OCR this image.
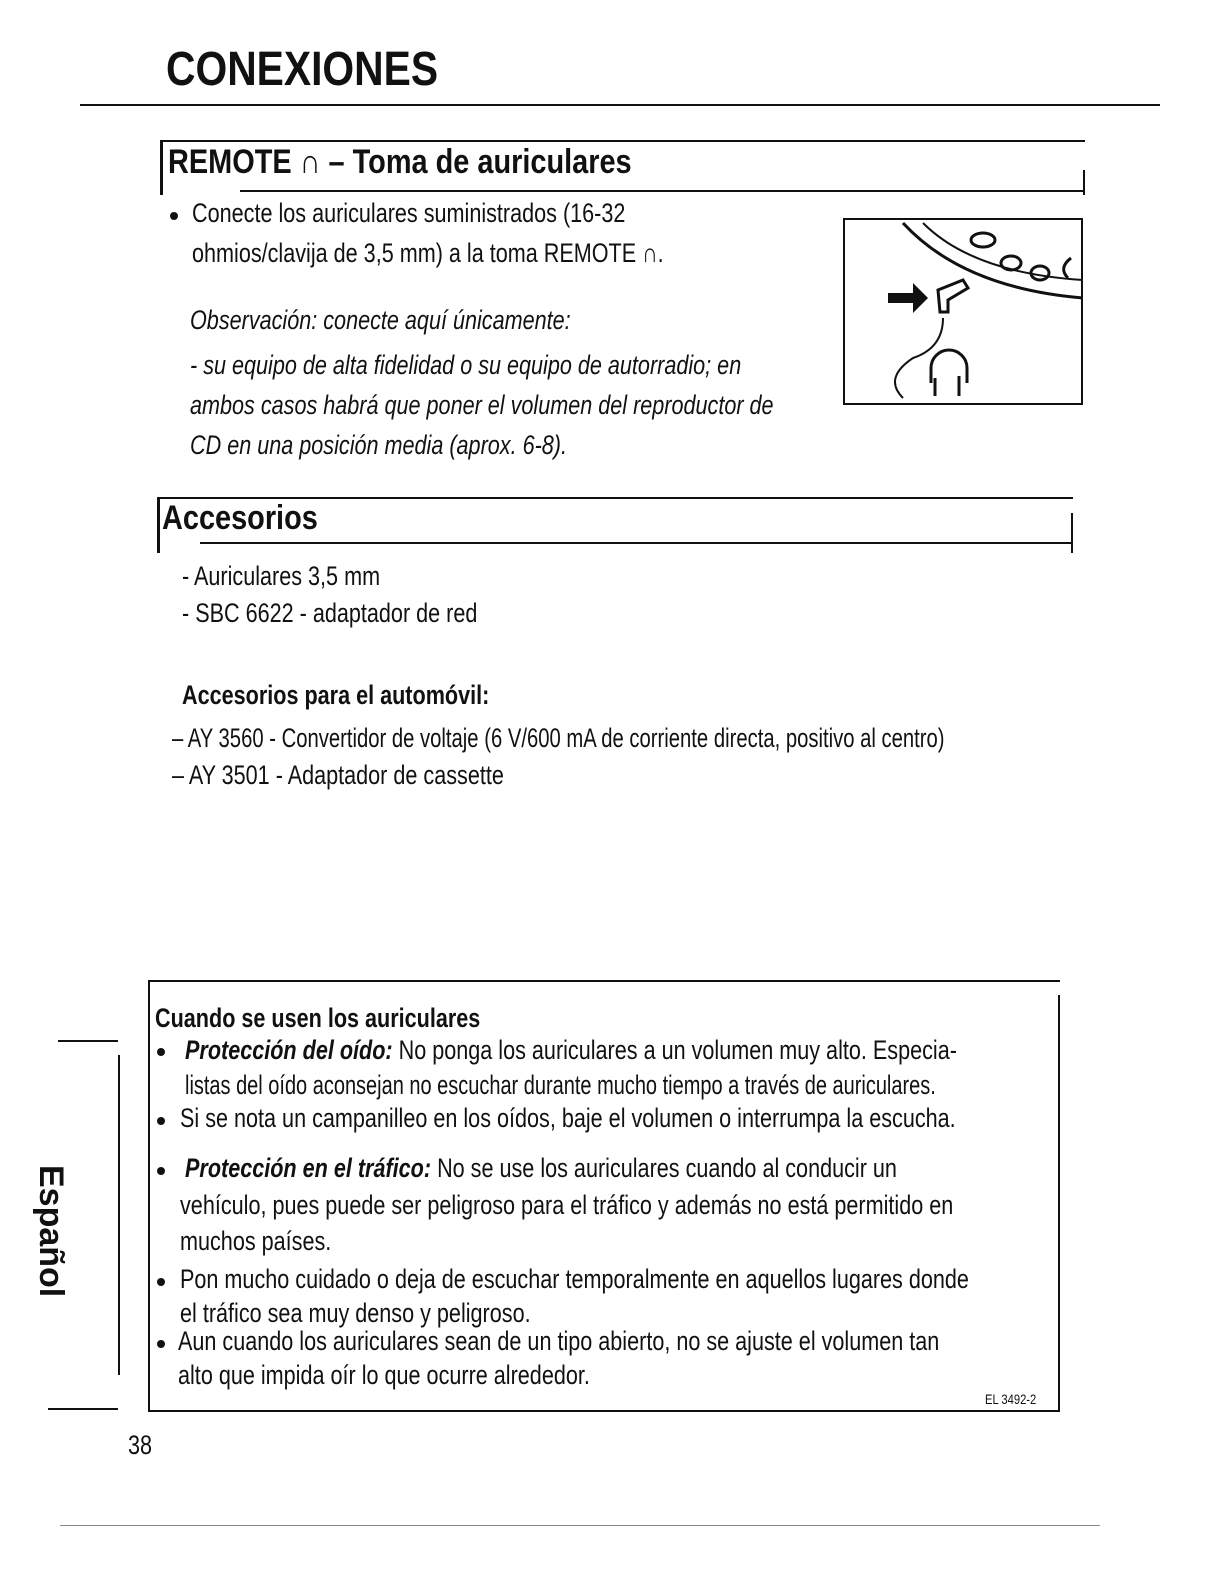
CONEXIONES
REMOTE ∩ – Toma de auriculares
Conecte los auriculares suministrados (16-32
ohmios/clavija de 3,5 mm) a la toma REMOTE ∩.
Observación: conecte aquí únicamente:
- su equipo de alta fidelidad o su equipo de autorradio; en
ambos casos habrá que poner el volumen del reproductor de
CD en una posición media (aprox. 6-8).
Accesorios
- Auriculares 3,5 mm
- SBC 6622 - adaptador de red
Accesorios para el automóvil:
– AY 3560 - Convertidor de voltaje (6 V/600 mA de corriente directa, positivo al centro)
– AY 3501 - Adaptador de cassette
Cuando se usen los auriculares
Protección del oído: No ponga los auriculares a un volumen muy alto. Especia-
listas del oído aconsejan no escuchar durante mucho tiempo a través de auriculares.
Si se nota un campanilleo en los oídos, baje el volumen o interrumpa la escucha.
Protección en el tráfico: No se use los auriculares cuando al conducir un
vehículo, pues puede ser peligroso para el tráfico y además no está permitido en
muchos países.
Pon mucho cuidado o deja de escuchar temporalmente en aquellos lugares donde
el tráfico sea muy denso y peligroso.
Aun cuando los auriculares sean de un tipo abierto, no se ajuste el volumen tan
alto que impida oír lo que ocurre alrededor.
EL 3492-2
Español
38
